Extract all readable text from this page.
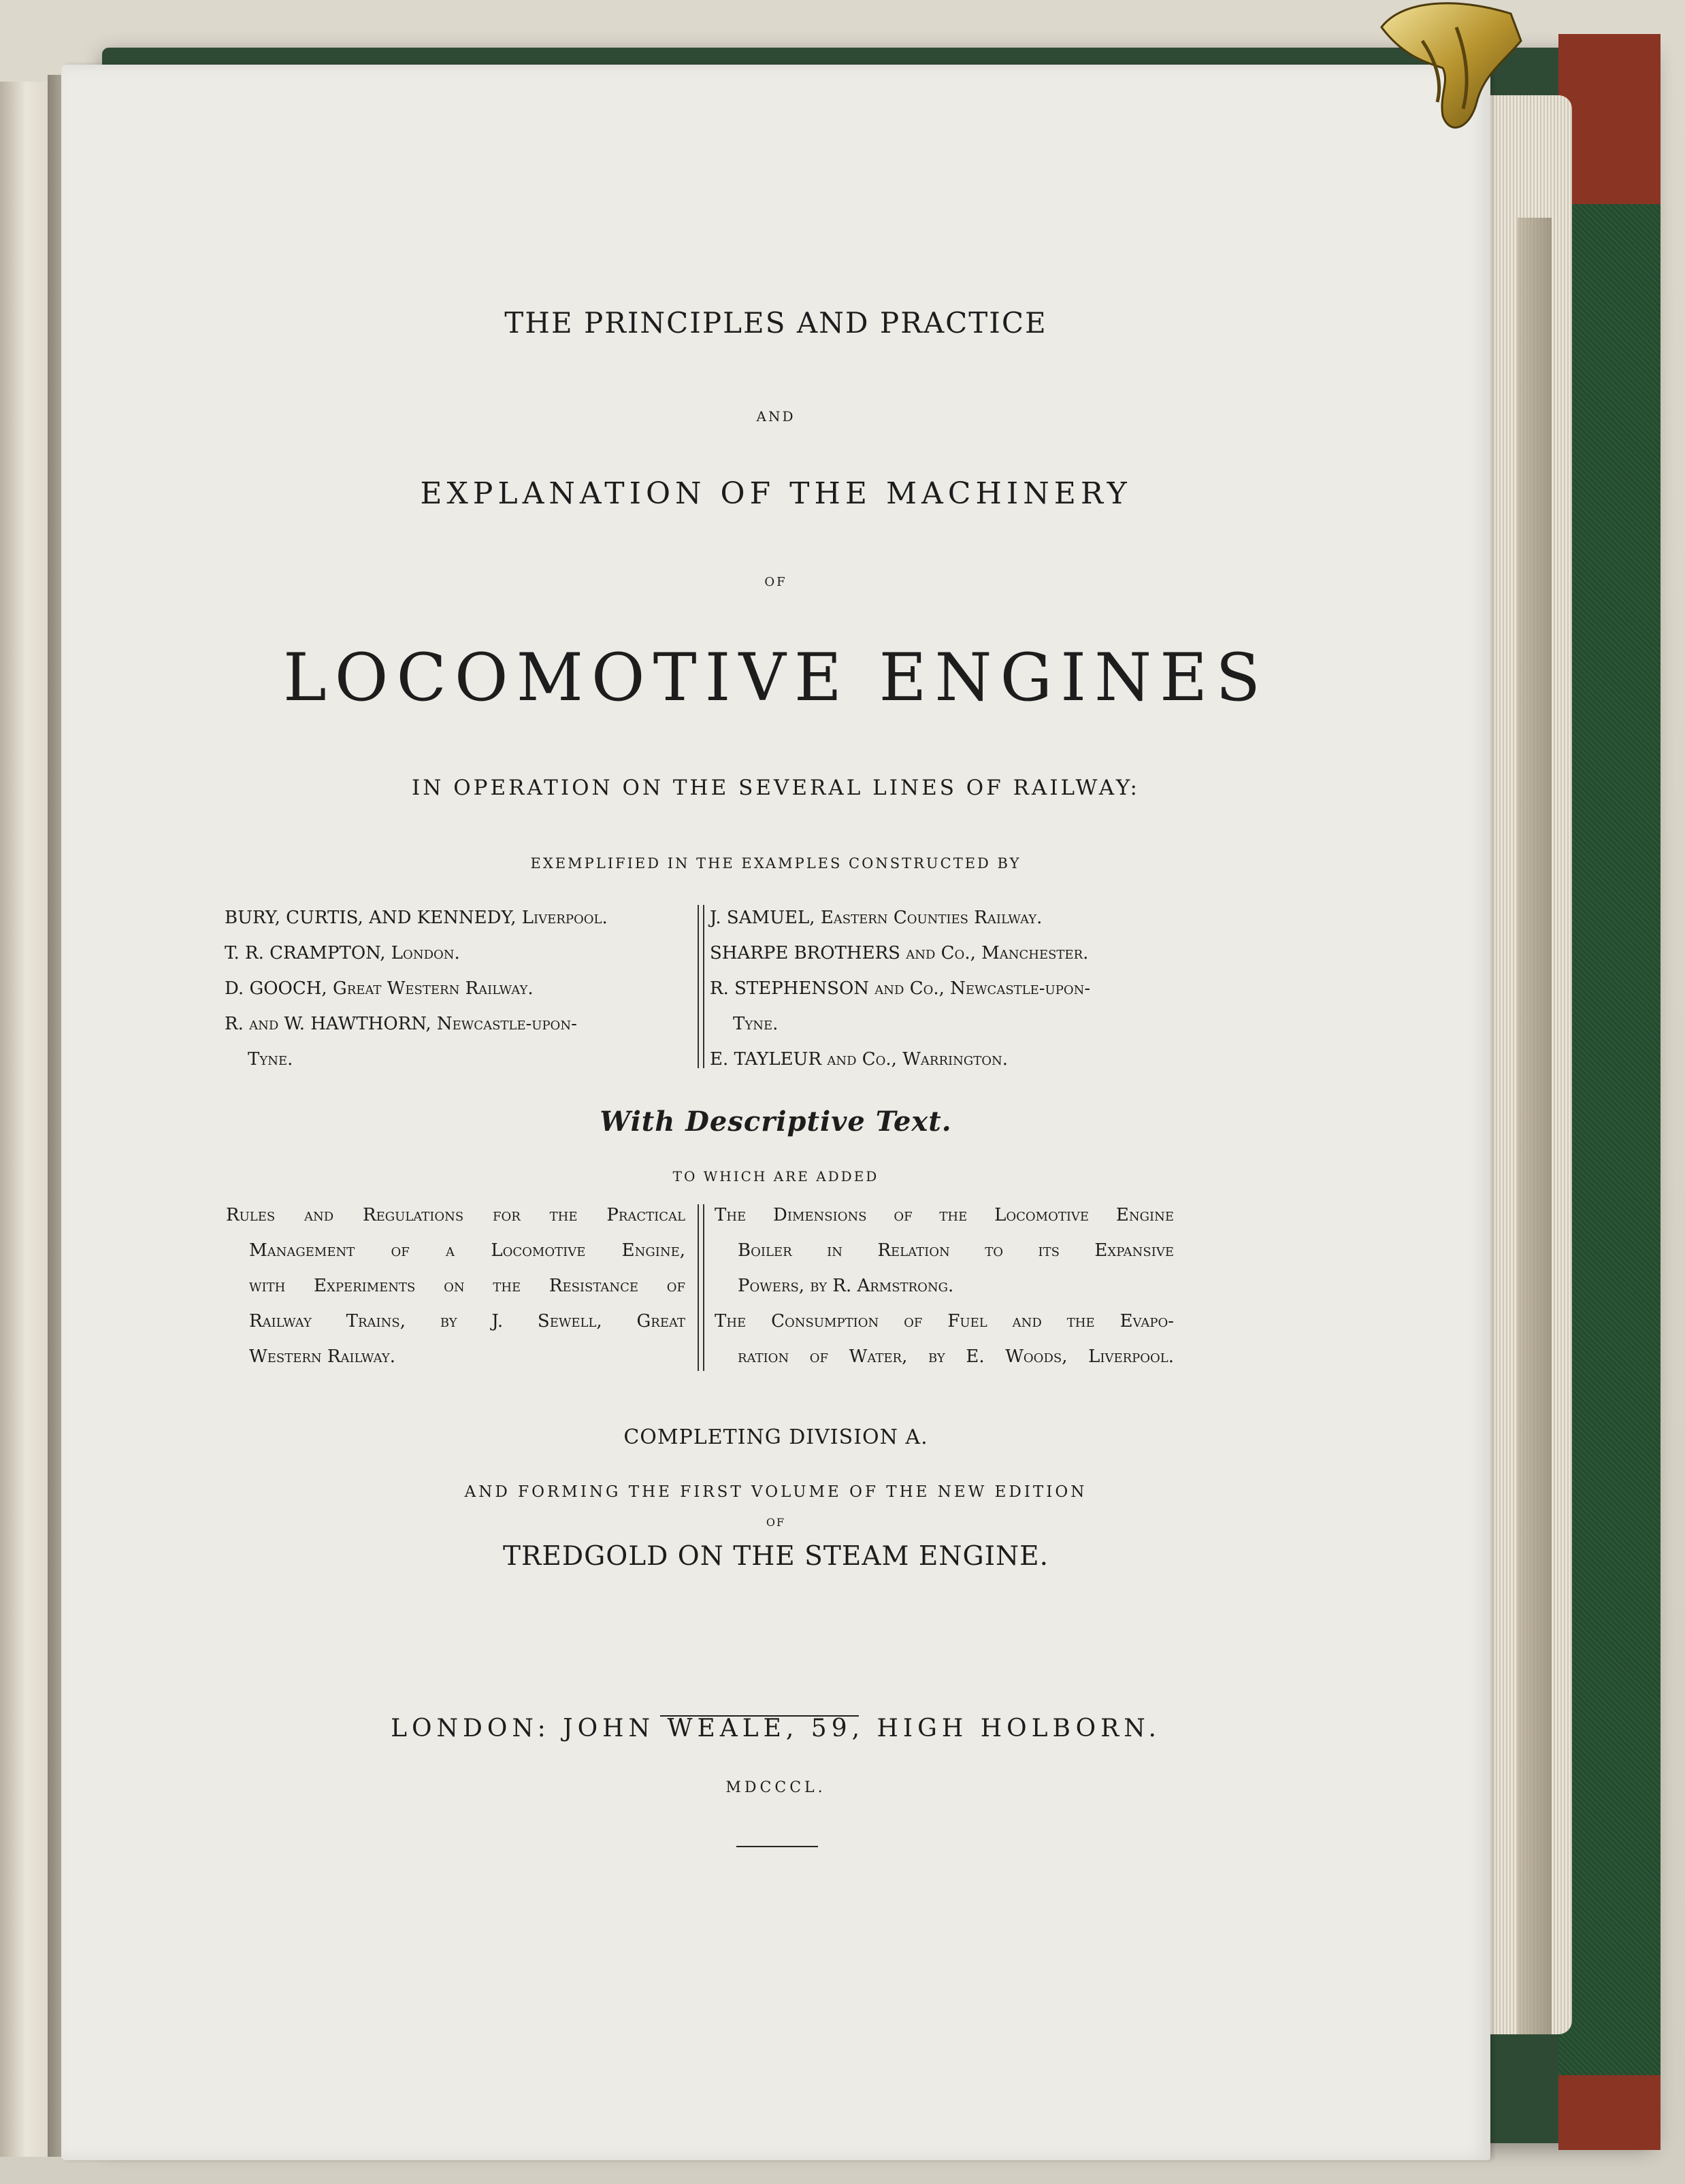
THE PRINCIPLES AND PRACTICE
AND
EXPLANATION OF THE MACHINERY
OF
LOCOMOTIVE ENGINES
IN OPERATION ON THE SEVERAL LINES OF RAILWAY:
EXEMPLIFIED IN THE EXAMPLES CONSTRUCTED BY
BURY, CURTIS, AND KENNEDY, Liverpool.
T. R. CRAMPTON, London.
D. GOOCH, Great Western Railway.
R. and W. HAWTHORN, Newcastle-upon-
Tyne.
J. SAMUEL, Eastern Counties Railway.
SHARPE BROTHERS and Co., Manchester.
R. STEPHENSON and Co., Newcastle-upon-
Tyne.
E. TAYLEUR and Co., Warrington.
With Descriptive Text.
TO WHICH ARE ADDED
Rules and Regulations for the Practical
Management of a Locomotive Engine,
with Experiments on the Resistance of
Railway Trains, by J. Sewell, Great
Western Railway.
The Dimensions of the Locomotive Engine
Boiler in Relation to its Expansive
Powers, by R. Armstrong.
The Consumption of Fuel and the Evapo-
ration of Water, by E. Woods, Liverpool.
COMPLETING DIVISION A.
AND FORMING THE FIRST VOLUME OF THE NEW EDITION
OF
TREDGOLD ON THE STEAM ENGINE.
LONDON: JOHN WEALE, 59, HIGH HOLBORN.
MDCCCL.
